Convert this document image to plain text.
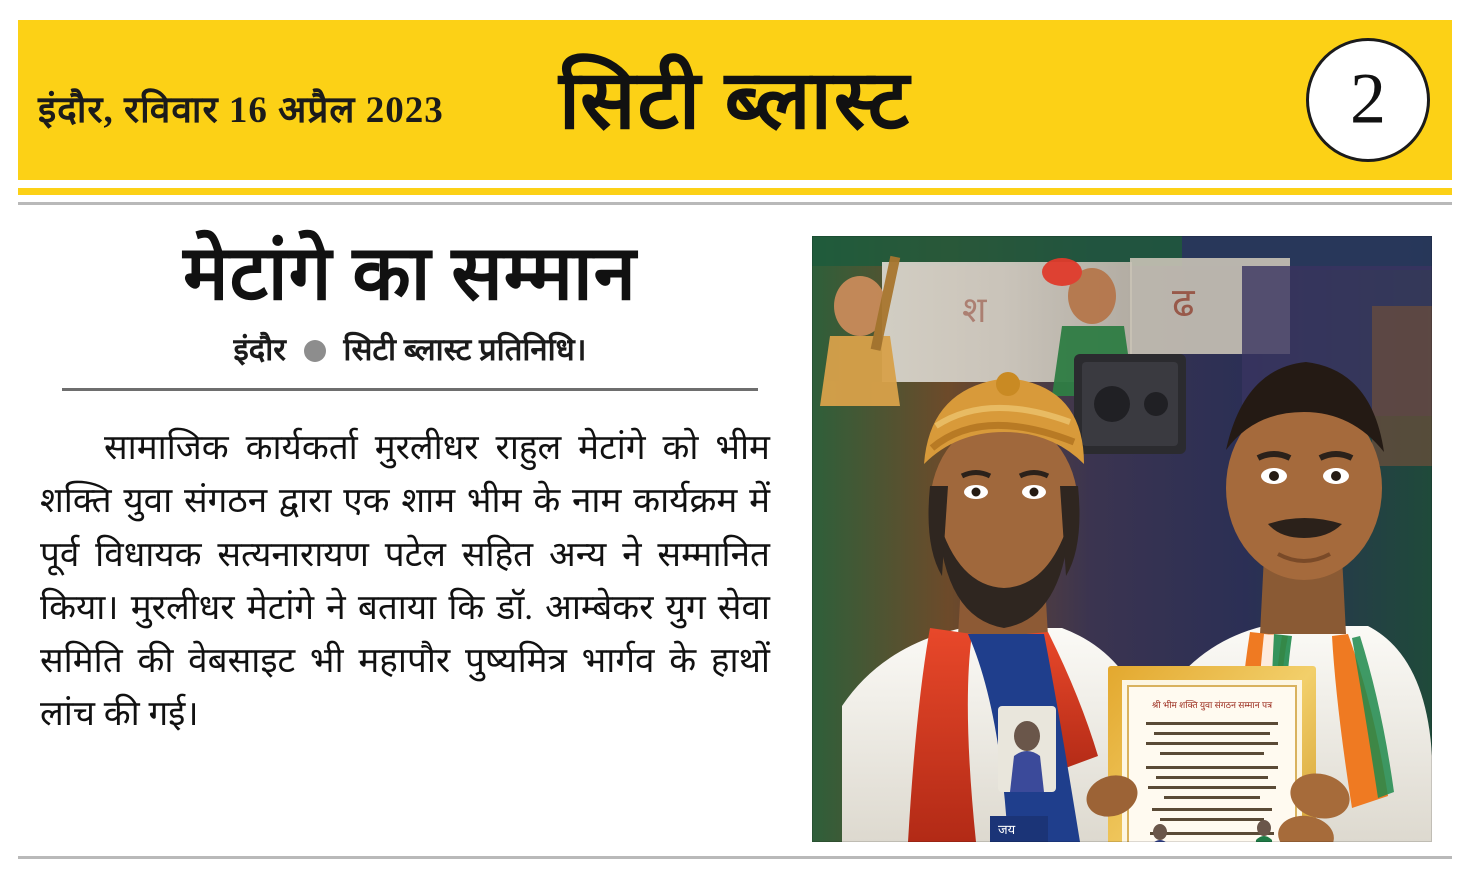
इंदौर, रविवार 16 अप्रैल 2023	सिटी ब्लास्ट	2
मेटांगे का सम्मान
इंदौर सिटी ब्लास्ट प्रतिनिधि।

सामाजिक कार्यकर्ता मुरलीधर राहुल मेटांगे को भीम शक्ति युवा संगठन द्वारा एक शाम भीम के नाम कार्यक्रम में पूर्व विधायक सत्यनारायण पटेल सहित अन्य ने सम्मानित किया। मुरलीधर मेटांगे ने बताया कि डॉ. आम्बेकर युग सेवा समिति की वेबसाइट भी महापौर पुष्यमित्र भार्गव के हाथों लांच की गई।

ढ
श
जय
श्री भीम शक्ति युवा संगठन सम्मान पत्र
